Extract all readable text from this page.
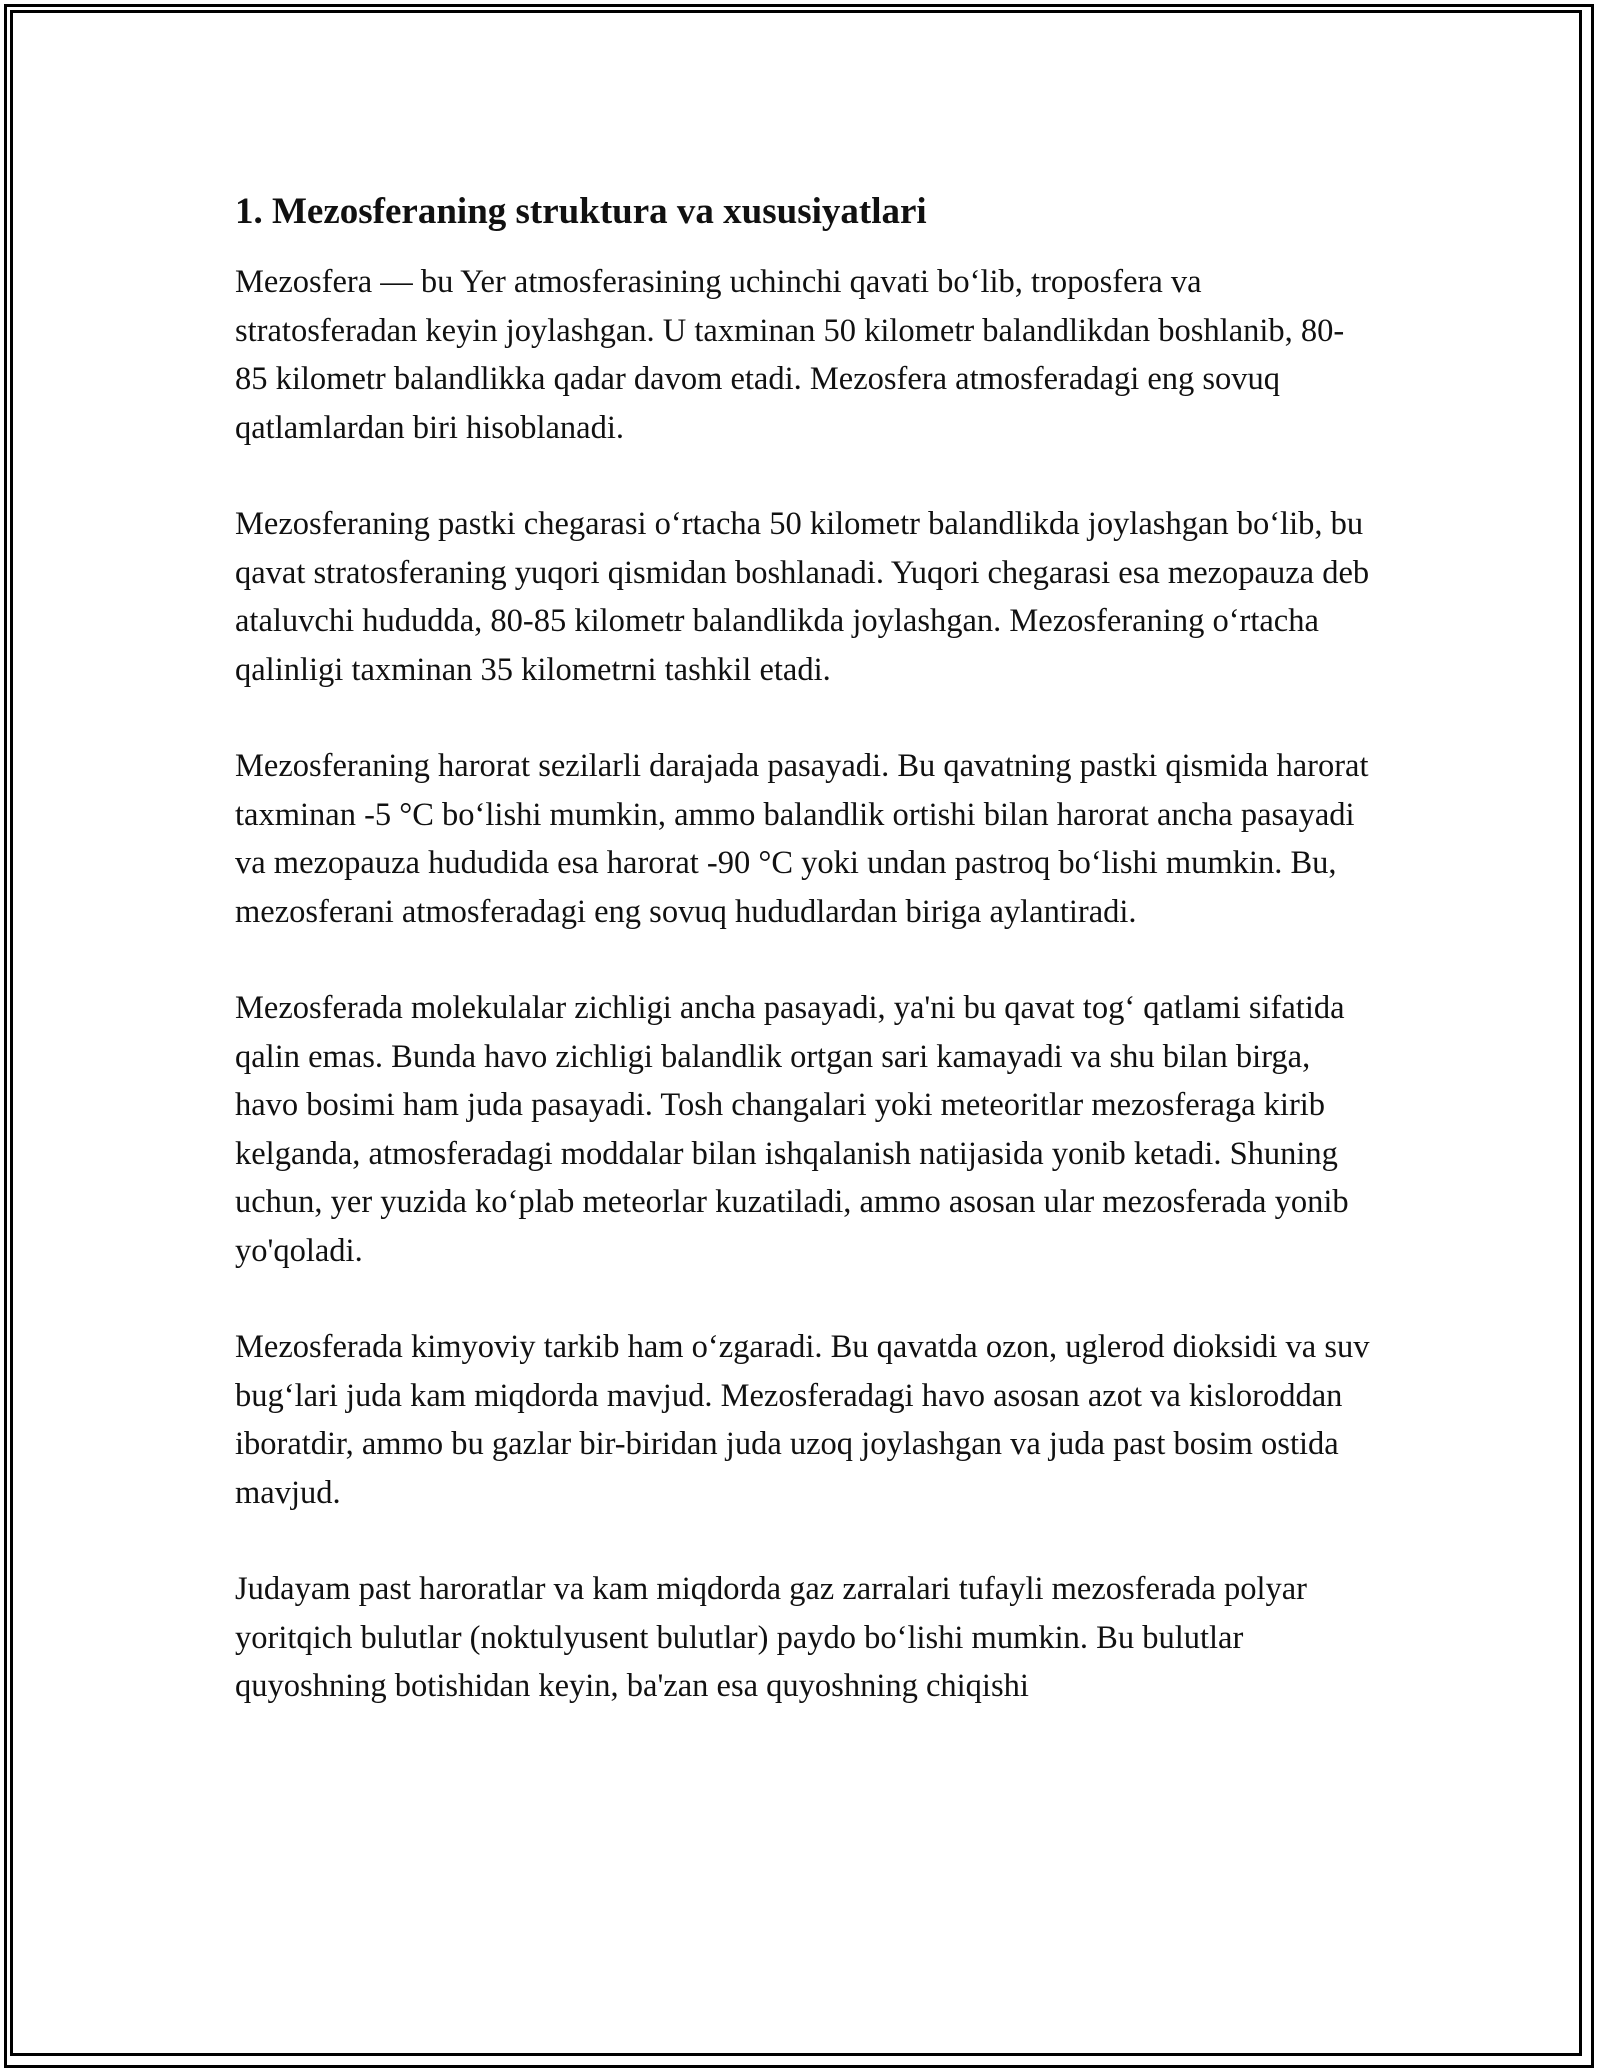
1. Mezosferaning struktura va xususiyatlari

Mezosfera — bu Yer atmosferasining uchinchi qavati bo‘lib, troposfera va stratosferadan keyin joylashgan. U taxminan 50 kilometr balandlikdan boshlanib, 80-85 kilometr balandlikka qadar davom etadi. Mezosfera atmosferadagi eng sovuq qatlamlardan biri hisoblanadi.

Mezosferaning pastki chegarasi o‘rtacha 50 kilometr balandlikda joylashgan bo‘lib, bu qavat stratosferaning yuqori qismidan boshlanadi. Yuqori chegarasi esa mezopauza deb ataluvchi hududda, 80-85 kilometr balandlikda joylashgan. Mezosferaning o‘rtacha qalinligi taxminan 35 kilometrni tashkil etadi.

Mezosferaning harorat sezilarli darajada pasayadi. Bu qavatning pastki qismida harorat taxminan -5 °C bo‘lishi mumkin, ammo balandlik ortishi bilan harorat ancha pasayadi va mezopauza hududida esa harorat -90 °C yoki undan pastroq bo‘lishi mumkin. Bu, mezosferani atmosferadagi eng sovuq hududlardan biriga aylantiradi.

Mezosferada molekulalar zichligi ancha pasayadi, ya'ni bu qavat tog‘ qatlami sifatida qalin emas. Bunda havo zichligi balandlik ortgan sari kamayadi va shu bilan birga, havo bosimi ham juda pasayadi. Tosh changalari yoki meteoritlar mezosferaga kirib kelganda, atmosferadagi moddalar bilan ishqalanish natijasida yonib ketadi. Shuning uchun, yer yuzida ko‘plab meteorlar kuzatiladi, ammo asosan ular mezosferada yonib yo'qoladi.

Mezosferada kimyoviy tarkib ham o‘zgaradi. Bu qavatda ozon, uglerod dioksidi va suv bug‘lari juda kam miqdorda mavjud. Mezosferadagi havo asosan azot va kisloroddan iboratdir, ammo bu gazlar bir-biridan juda uzoq joylashgan va juda past bosim ostida mavjud.

Judayam past haroratlar va kam miqdorda gaz zarralari tufayli mezosferada polyar yoritqich bulutlar (noktulyusent bulutlar) paydo bo‘lishi mumkin. Bu bulutlar quyoshning botishidan keyin, ba'zan esa quyoshning chiqishi
